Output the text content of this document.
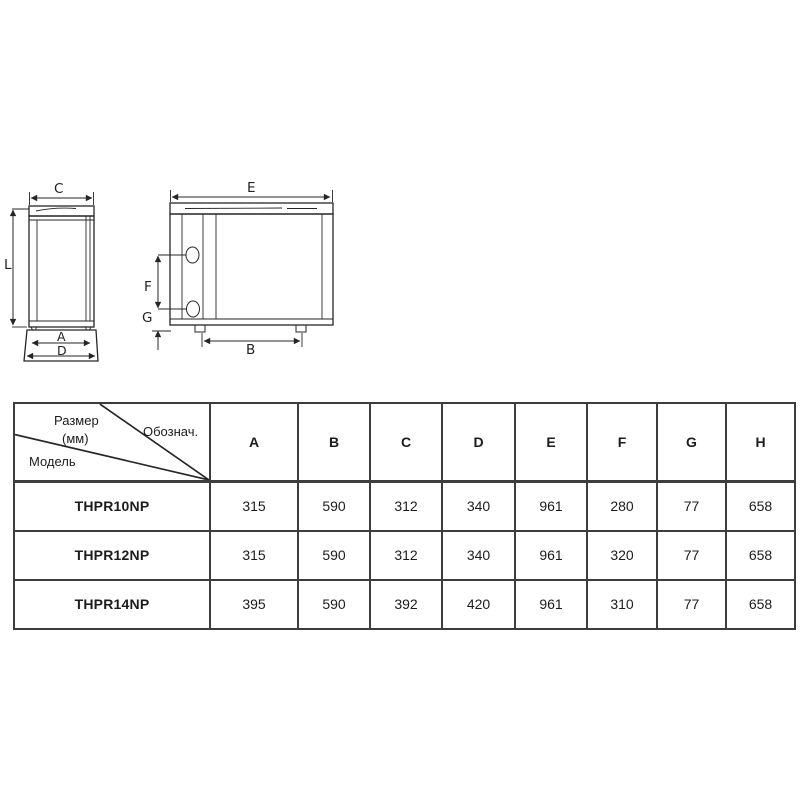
C
L
A
D
E
F
G
B
Размер
(мм) Обознач.
Модель	A	B	C	D	E	F	G	H
THPR10NP	315	590	312	340	961	280	77	658
THPR12NP	315	590	312	340	961	320	77	658
THPR14NP	395	590	392	420	961	310	77	658
